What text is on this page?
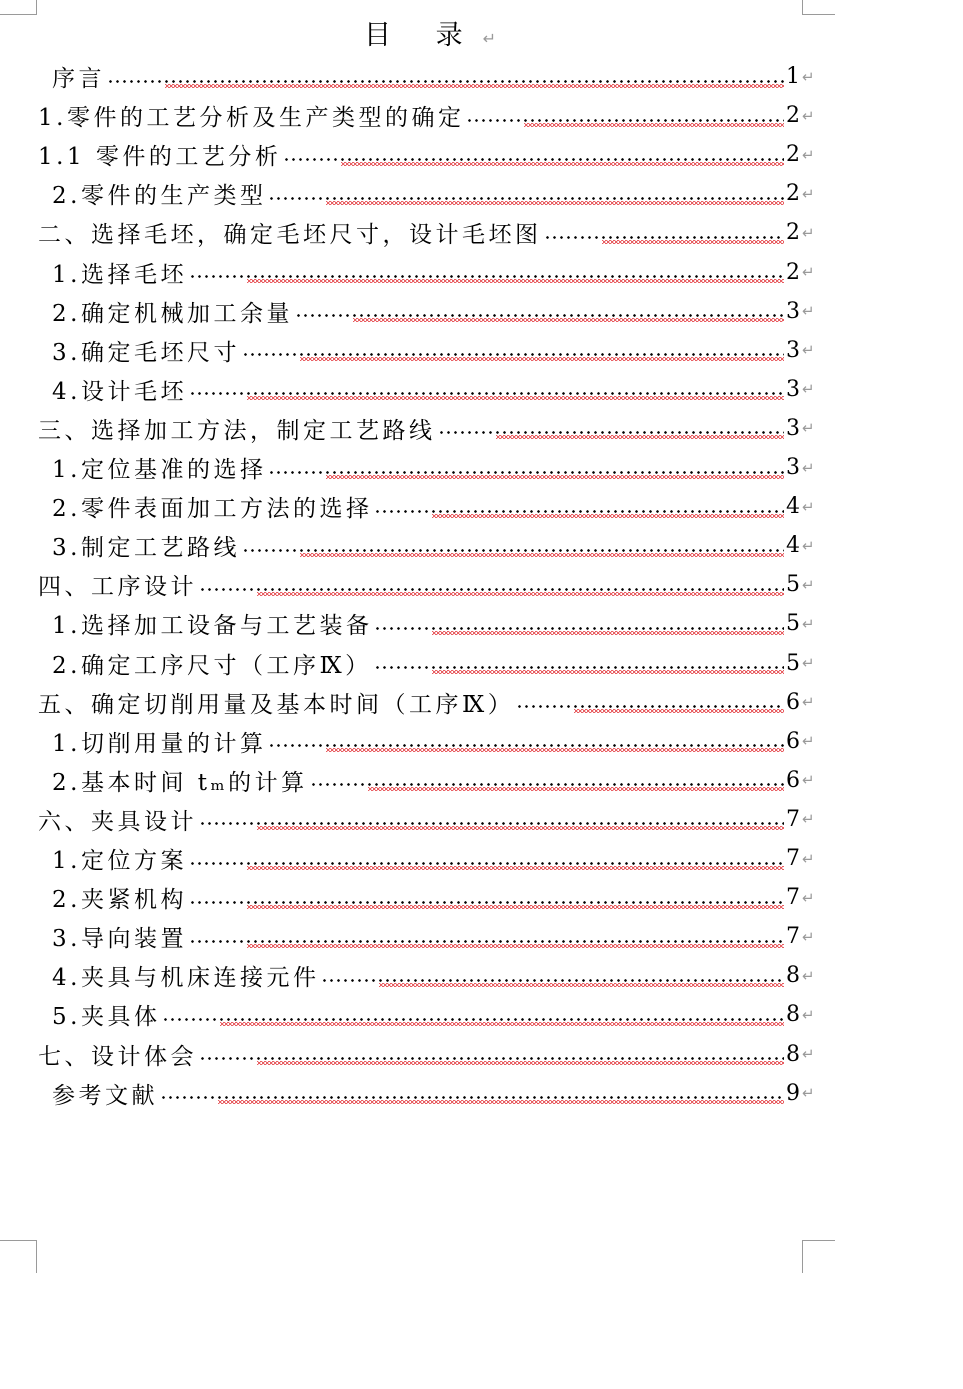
目 录 ↵
序言	1 ↵
1.零件的工艺分析及生产类型的确定	2 ↵
1.1 零件的工艺分析	2 ↵
2.零件的生产类型	2 ↵
二、选择毛坯，确定毛坯尺寸，设计毛坯图	2 ↵
1.选择毛坯	2 ↵
2.确定机械加工余量	3 ↵
3.确定毛坯尺寸	3 ↵
4.设计毛坯	3 ↵
三、选择加工方法，制定工艺路线	3 ↵
1.定位基准的选择	3 ↵
2.零件表面加工方法的选择	4 ↵
3.制定工艺路线	4 ↵
四、工序设计	5 ↵
1.选择加工设备与工艺装备	5 ↵
2.确定工序尺寸（工序Ⅸ）	5 ↵
五、确定切削用量及基本时间（工序Ⅸ）	6 ↵
1.切削用量的计算	6 ↵
2.基本时间 tₘ的计算	6 ↵
六、夹具设计	7 ↵
1.定位方案	7 ↵
2.夹紧机构	7 ↵
3.导向装置	7 ↵
4.夹具与机床连接元件	8 ↵
5.夹具体	8 ↵
七、设计体会	8 ↵
参考文献	9 ↵
